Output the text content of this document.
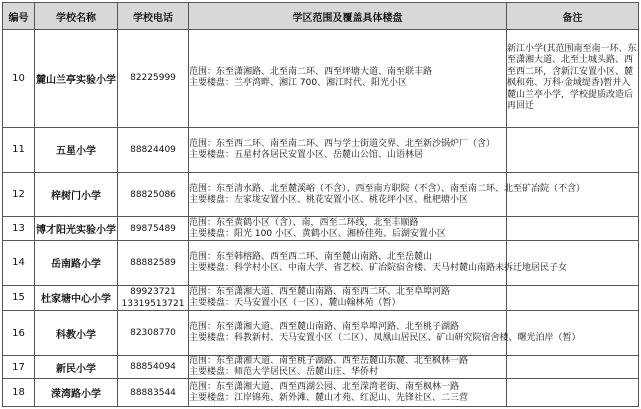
编号	学校名称	学校电话	学区范围及覆盖具体楼盘	备注
10	麓山兰亭实验小学	82225999	范围：东至潇湘路、北至南二环、西至坪塘大道、南至联丰路
主要楼盘：兰亭湾畔、湘江 700、湘江时代、阳光小区	新江小学(其范围南至南一环、东至潇湘大道、北至土城头路、西至西二环，含新江安置小区、麓枫和苑、万科·金域缇香)暂并入麓山兰亭小学，学校提质改造后再回迁
11	五星小学	88824409	范围：东至西二环、南至南二环、西与学士街道交界、北至新沙锅炉厂（含）
主要楼盘：五星村各居民安置小区、岳麓山公馆、山语林居	

12	梓树门小学	88825086	范围：东至清水路、北至麓溪峪（不含）、西至南方职院（不含）、南至南二环、北至矿冶院（不含）
主要楼盘：左家垅安置小区、桃花安置小区、桃花坪小区、枇杷塘小区	

13	博才阳光实验小学	89875489	范围：东至黄鹤小区（含）、南，西至二环线，北至丰顺路
主要楼盘：阳光 100 小区、黄鹤小区、湘桥佳苑、后湖安置小区	

14	岳南路小学	88882589	范围：东至韩榕路、西至西二环、南至麓山南路、北至岳麓山
主要楼盘：科学村小区、中南大学、省艺校、矿冶院宿舍楼、天马村麓山南路未拆迁地居民子女	

15	杜家塘中心小学	89923721
13319513721	范围：东至潇湘大道、西至麓山南路、南至西二环、北至阜埠河路
主要楼盘：天马安置小区（一区）、麓山翰林苑（暂）	

16	科教小学	82308770	范围：东至潇湘大道、西至麓山南路、南至阜埠河路、北至桃子湖路
主要楼盘：科教新村、天马安置小区（二区）、凤凰山居民区、矿山研究院宿舍楼、曙光泊岸（暂）	

17	新民小学	88854094	范围：东至潇湘大道、南至桃子湖路、西至岳麓山东麓、北至枫林一路
主要楼盘：师范大学居民区、岳麓山庄、华侨村	

18	溁湾路小学	88883544	范围：东至潇湘大道、西至西湖公园、北至溁湾老街、南至枫林一路
主要楼盘：江岸锦苑、新外滩、麓山才苑、红泥山、先锋社区、二三营	
